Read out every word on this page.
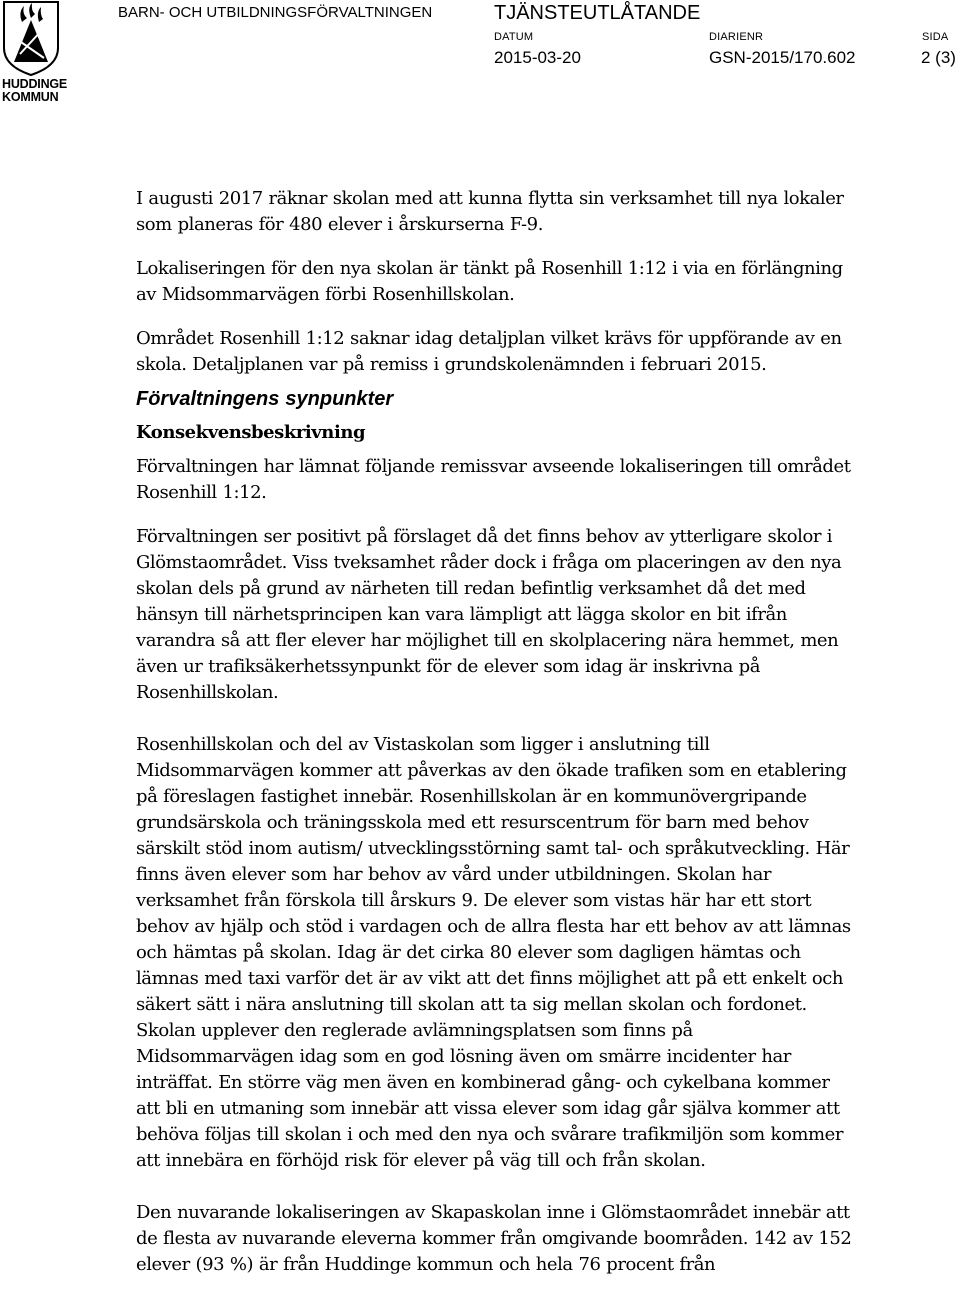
HUDDINGE
KOMMUN
BARN- OCH UTBILDNINGSFÖRVALTNINGEN	TJÄNSTEUTLÅTANDE
DATUM
2015-03-20
DIARIENR
GSN-2015/170.602
SIDA
2 (3)

I augusti 2017 räknar skolan med att kunna flytta sin verksamhet till nya lokaler som planeras för 480 elever i årskurserna F-9.

Lokaliseringen för den nya skolan är tänkt på Rosenhill 1:12 i via en förlängning av Midsommarvägen förbi Rosenhillskolan.

Området Rosenhill 1:12 saknar idag detaljplan vilket krävs för uppförande av en skola. Detaljplanen var på remiss i grundskolenämnden i februari 2015.

Förvaltningens synpunkter
Konsekvensbeskrivning

Förvaltningen har lämnat följande remissvar avseende lokaliseringen till området Rosenhill 1:12.

Förvaltningen ser positivt på förslaget då det finns behov av ytterligare skolor i Glömstaområdet. Viss tveksamhet råder dock i fråga om placeringen av den nya skolan dels på grund av närheten till redan befintlig verksamhet då det med hänsyn till närhetsprincipen kan vara lämpligt att lägga skolor en bit ifrån varandra så att fler elever har möjlighet till en skolplacering nära hemmet, men även ur trafiksäkerhetssynpunkt för de elever som idag är inskrivna på Rosenhillskolan.

Rosenhillskolan och del av Vistaskolan som ligger i anslutning till Midsommarvägen kommer att påverkas av den ökade trafiken som en etablering på föreslagen fastighet innebär. Rosenhillskolan är en kommunövergripande grundsärskola och träningsskola med ett resurscentrum för barn med behov särskilt stöd inom autism/ utvecklingsstörning samt tal- och språkutveckling. Här finns även elever som har behov av vård under utbildningen. Skolan har verksamhet från förskola till årskurs 9. De elever som vistas här har ett stort behov av hjälp och stöd i vardagen och de allra flesta har ett behov av att lämnas och hämtas på skolan. Idag är det cirka 80 elever som dagligen hämtas och lämnas med taxi varför det är av vikt att det finns möjlighet att på ett enkelt och säkert sätt i nära anslutning till skolan att ta sig mellan skolan och fordonet. Skolan upplever den reglerade avlämningsplatsen som finns på Midsommarvägen idag som en god lösning även om smärre incidenter har inträffat. En större väg men även en kombinerad gång- och cykelbana kommer att bli en utmaning som innebär att vissa elever som idag går själva kommer att behöva följas till skolan i och med den nya och svårare trafikmiljön som kommer att innebära en förhöjd risk för elever på väg till och från skolan.

Den nuvarande lokaliseringen av Skapaskolan inne i Glömstaområdet innebär att de flesta av nuvarande eleverna kommer från omgivande boområden. 142 av 152 elever (93 %) är från Huddinge kommun och hela 76 procent från
